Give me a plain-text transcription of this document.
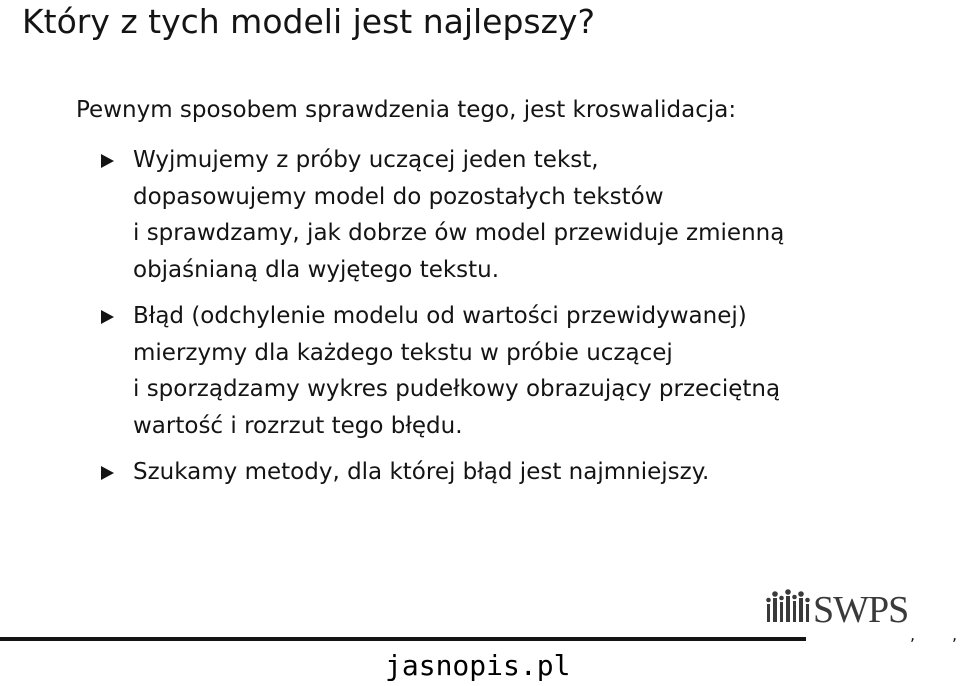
Który z tych modeli jest najlepszy?
Pewnym sposobem sprawdzenia tego, jest kroswalidacja:
Wyjmujemy z próby uczącej jeden tekst,
dopasowujemy model do pozostałych tekstów
i sprawdzamy, jak dobrze ów model przewiduje zmienną
objaśnianą dla wyjętego tekstu.
Błąd (odchylenie modelu od wartości przewidywanej)
mierzymy dla każdego tekstu w próbie uczącej
i sporządzamy wykres pudełkowy obrazujący przeciętną
wartość i rozrzut tego błędu.
Szukamy metody, dla której błąd jest najmniejszy.
SWPS
, ,
jasnopis.pl
